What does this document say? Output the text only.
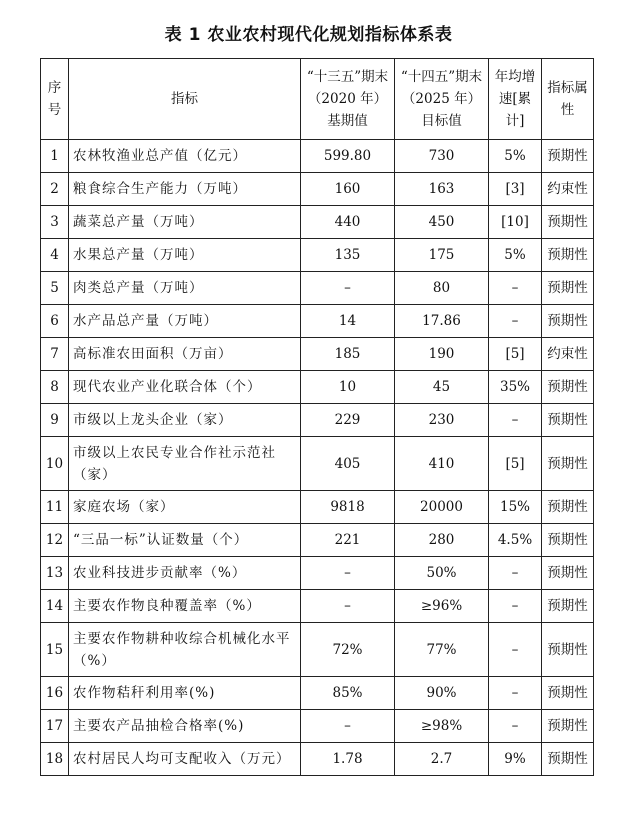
表 1 农业农村现代化规划指标体系表
序号	指标	“十三五”期末（2020 年）基期值	“十四五”期末（2025 年）目标值	年均增速[累计]	指标属性
1	农林牧渔业总产值（亿元）	599.80	730	5%	预期性
2	粮食综合生产能力（万吨）	160	163	[3]	约束性
3	蔬菜总产量（万吨）	440	450	[10]	预期性
4	水果总产量（万吨）	135	175	5%	预期性
5	肉类总产量（万吨）	–	80	–	预期性
6	水产品总产量（万吨）	14	17.86	–	预期性
7	高标准农田面积（万亩）	185	190	[5]	约束性
8	现代农业产业化联合体（个）	10	45	35%	预期性
9	市级以上龙头企业（家）	229	230	–	预期性
10	市级以上农民专业合作社示范社（家）	405	410	[5]	预期性
11	家庭农场（家）	9818	20000	15%	预期性
12	“三品一标”认证数量（个）	221	280	4.5%	预期性
13	农业科技进步贡献率（%）	–	50%	–	预期性
14	主要农作物良种覆盖率（%）	–	≥96%	–	预期性
15	主要农作物耕种收综合机械化水平（%）	72%	77%	–	预期性
16	农作物秸秆利用率(%)	85%	90%	–	预期性
17	主要农产品抽检合格率(%)	–	≥98%	–	预期性
18	农村居民人均可支配收入（万元）	1.78	2.7	9%	预期性
